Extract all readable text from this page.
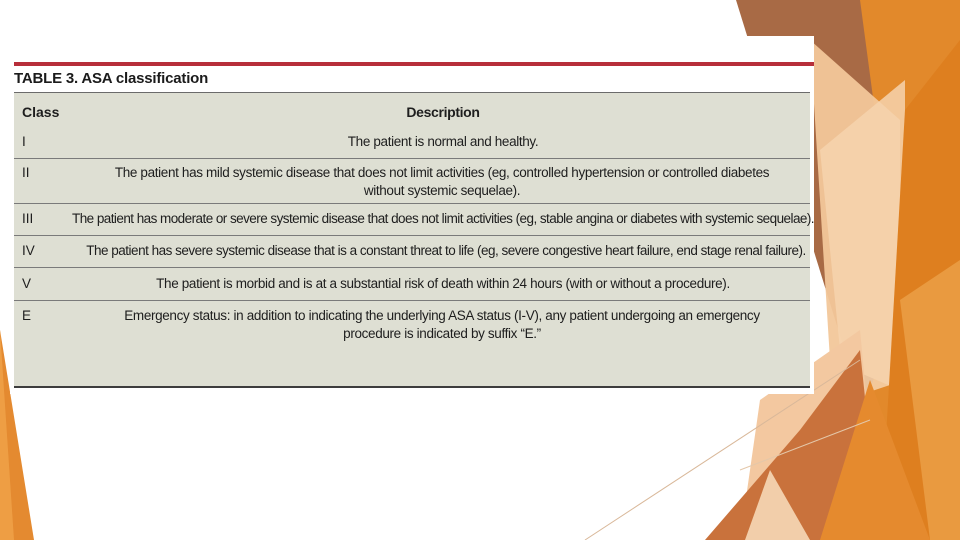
TABLE 3. ASA classification
Class	Description
I	The patient is normal and healthy.
II	The patient has mild systemic disease that does not limit activities (eg, controlled hypertension or controlled diabetes without systemic sequelae).
III	The patient has moderate or severe systemic disease that does not limit activities (eg, stable angina or diabetes with systemic sequelae).
IV	The patient has severe systemic disease that is a constant threat to life (eg, severe congestive heart failure, end stage renal failure).
V	The patient is morbid and is at a substantial risk of death within 24 hours (with or without a procedure).
E	Emergency status: in addition to indicating the underlying ASA status (I-V), any patient undergoing an emergency procedure is indicated by suffix “E.”
